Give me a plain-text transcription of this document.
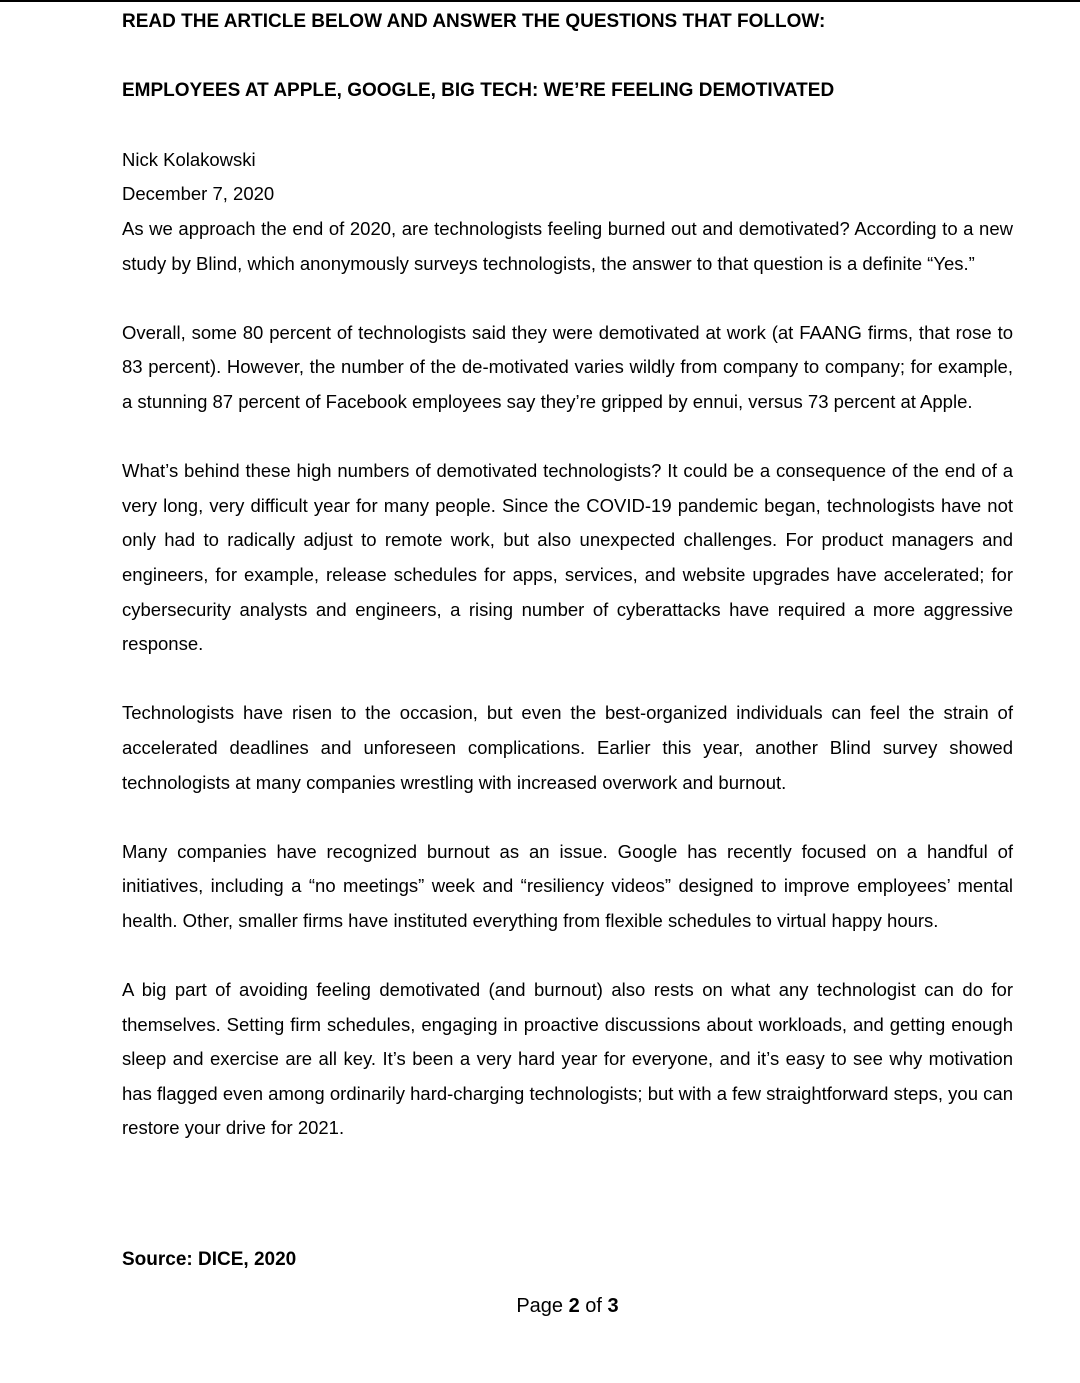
READ THE ARTICLE BELOW AND ANSWER THE QUESTIONS THAT FOLLOW:
EMPLOYEES AT APPLE, GOOGLE, BIG TECH: WE’RE FEELING DEMOTIVATED
Nick Kolakowski
December 7, 2020

As we approach the end of 2020, are technologists feeling burned out and demotivated? According to a new study by Blind, which anonymously surveys technologists, the answer to that question is a definite “Yes.”

Overall, some 80 percent of technologists said they were demotivated at work (at FAANG firms, that rose to 83 percent). However, the number of the de-motivated varies wildly from company to company; for example, a stunning 87 percent of Facebook employees say they’re gripped by ennui, versus 73 percent at Apple.

What’s behind these high numbers of demotivated technologists? It could be a consequence of the end of a very long, very difficult year for many people. Since the COVID-19 pandemic began, technologists have not only had to radically adjust to remote work, but also unexpected challenges. For product managers and engineers, for example, release schedules for apps, services, and website upgrades have accelerated; for cybersecurity analysts and engineers, a rising number of cyberattacks have required a more aggressive response.

Technologists have risen to the occasion, but even the best-organized individuals can feel the strain of accelerated deadlines and unforeseen complications. Earlier this year, another Blind survey showed technologists at many companies wrestling with increased overwork and burnout.

Many companies have recognized burnout as an issue. Google has recently focused on a handful of initiatives, including a “no meetings” week and “resiliency videos” designed to improve employees’ mental health. Other, smaller firms have instituted everything from flexible schedules to virtual happy hours.

A big part of avoiding feeling demotivated (and burnout) also rests on what any technologist can do for themselves. Setting firm schedules, engaging in proactive discussions about workloads, and getting enough sleep and exercise are all key. It’s been a very hard year for everyone, and it’s easy to see why motivation has flagged even among ordinarily hard-charging technologists; but with a few straightforward steps, you can restore your drive for 2021.

Source: DICE, 2020
Page 2 of 3
